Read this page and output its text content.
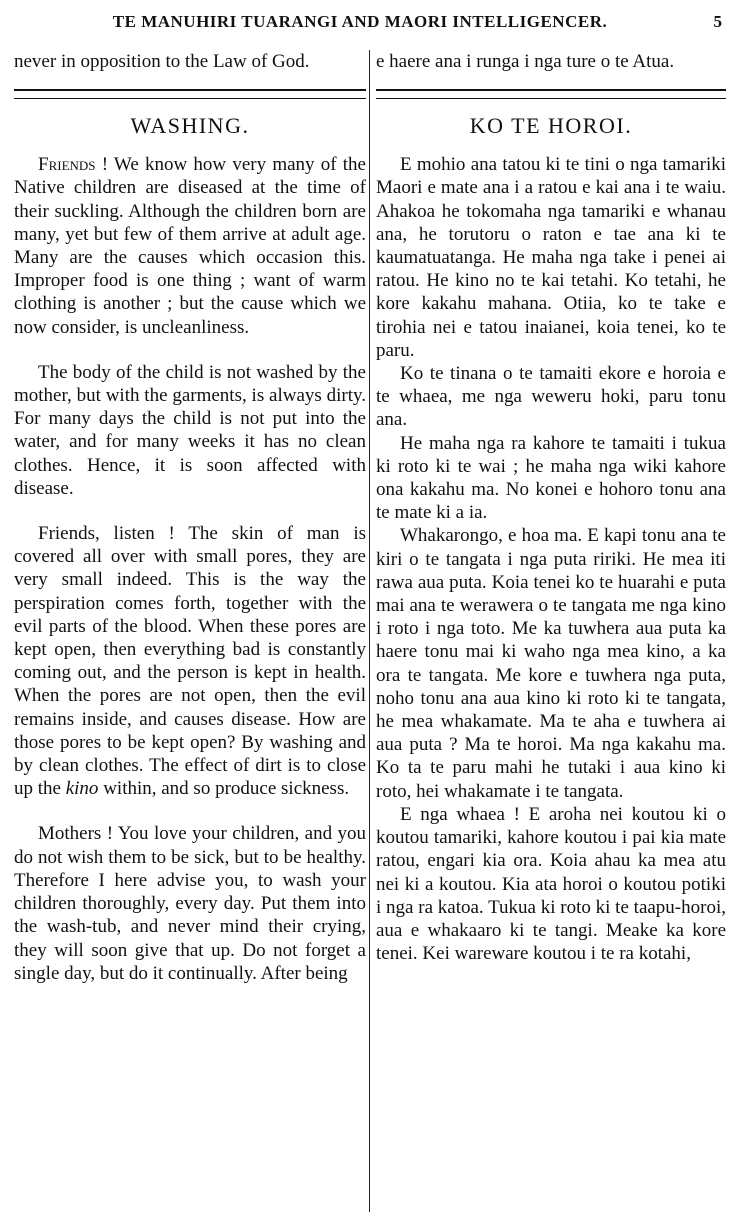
TE MANUHIRI TUARANGI AND MAORI INTELLIGENCER.	5

never in opposition to the Law of God.

WASHING.

Friends ! We know how very many of the Native children are diseased at the time of their suckling. Although the children born are many, yet but few of them arrive at adult age. Many are the causes which occasion this. Improper food is one thing ; want of warm clothing is another ; but the cause which we now consider, is uncleanliness.

The body of the child is not washed by the mother, but with the garments, is always dirty. For many days the child is not put into the water, and for many weeks it has no clean clothes. Hence, it is soon affected with disease.

Friends, listen ! The skin of man is covered all over with small pores, they are very small indeed. This is the way the perspiration comes forth, together with the evil parts of the blood. When these pores are kept open, then everything bad is constantly coming out, and the person is kept in health. When the pores are not open, then the evil remains inside, and causes disease. How are those pores to be kept open? By washing and by clean clothes. The effect of dirt is to close up the kino within, and so produce sickness.

Mothers ! You love your children, and you do not wish them to be sick, but to be healthy. Therefore I here advise you, to wash your children thoroughly, every day. Put them into the wash-tub, and never mind their crying, they will soon give that up. Do not forget a single day, but do it continually. After being

e haere ana i runga i nga ture o te Atua.

KO TE HOROI.

E mohio ana tatou ki te tini o nga tamariki Maori e mate ana i a ratou e kai ana i te waiu. Ahakoa he tokomaha nga tamariki e whanau ana, he torutoru o raton e tae ana ki te kaumatuatanga. He maha nga take i penei ai ratou. He kino no te kai tetahi. Ko tetahi, he kore kakahu mahana. Otiia, ko te take e tirohia nei e tatou inaianei, koia tenei, ko te paru.

Ko te tinana o te tamaiti ekore e horoia e te whaea, me nga weweru hoki, paru tonu ana.

He maha nga ra kahore te tamaiti i tukua ki roto ki te wai ; he maha nga wiki kahore ona kakahu ma. No konei e hohoro tonu ana te mate ki a ia.

Whakarongo, e hoa ma. E kapi tonu ana te kiri o te tangata i nga puta ririki. He mea iti rawa aua puta. Koia tenei ko te huarahi e puta mai ana te werawera o te tangata me nga kino i roto i nga toto. Me ka tuwhera aua puta ka haere tonu mai ki waho nga mea kino, a ka ora te tangata. Me kore e tuwhera nga puta, noho tonu ana aua kino ki roto ki te tangata, he mea whakamate. Ma te aha e tuwhera ai aua puta ? Ma te horoi. Ma nga kakahu ma. Ko ta te paru mahi he tutaki i aua kino ki roto, hei whakamate i te tangata.

E nga whaea ! E aroha nei koutou ki o koutou tamariki, kahore koutou i pai kia mate ratou, engari kia ora. Koia ahau ka mea atu nei ki a koutou. Kia ata horoi o koutou potiki i nga ra katoa. Tukua ki roto ki te taapu-horoi, aua e whakaaro ki te tangi. Meake ka kore tenei. Kei wareware koutou i te ra kotahi,
